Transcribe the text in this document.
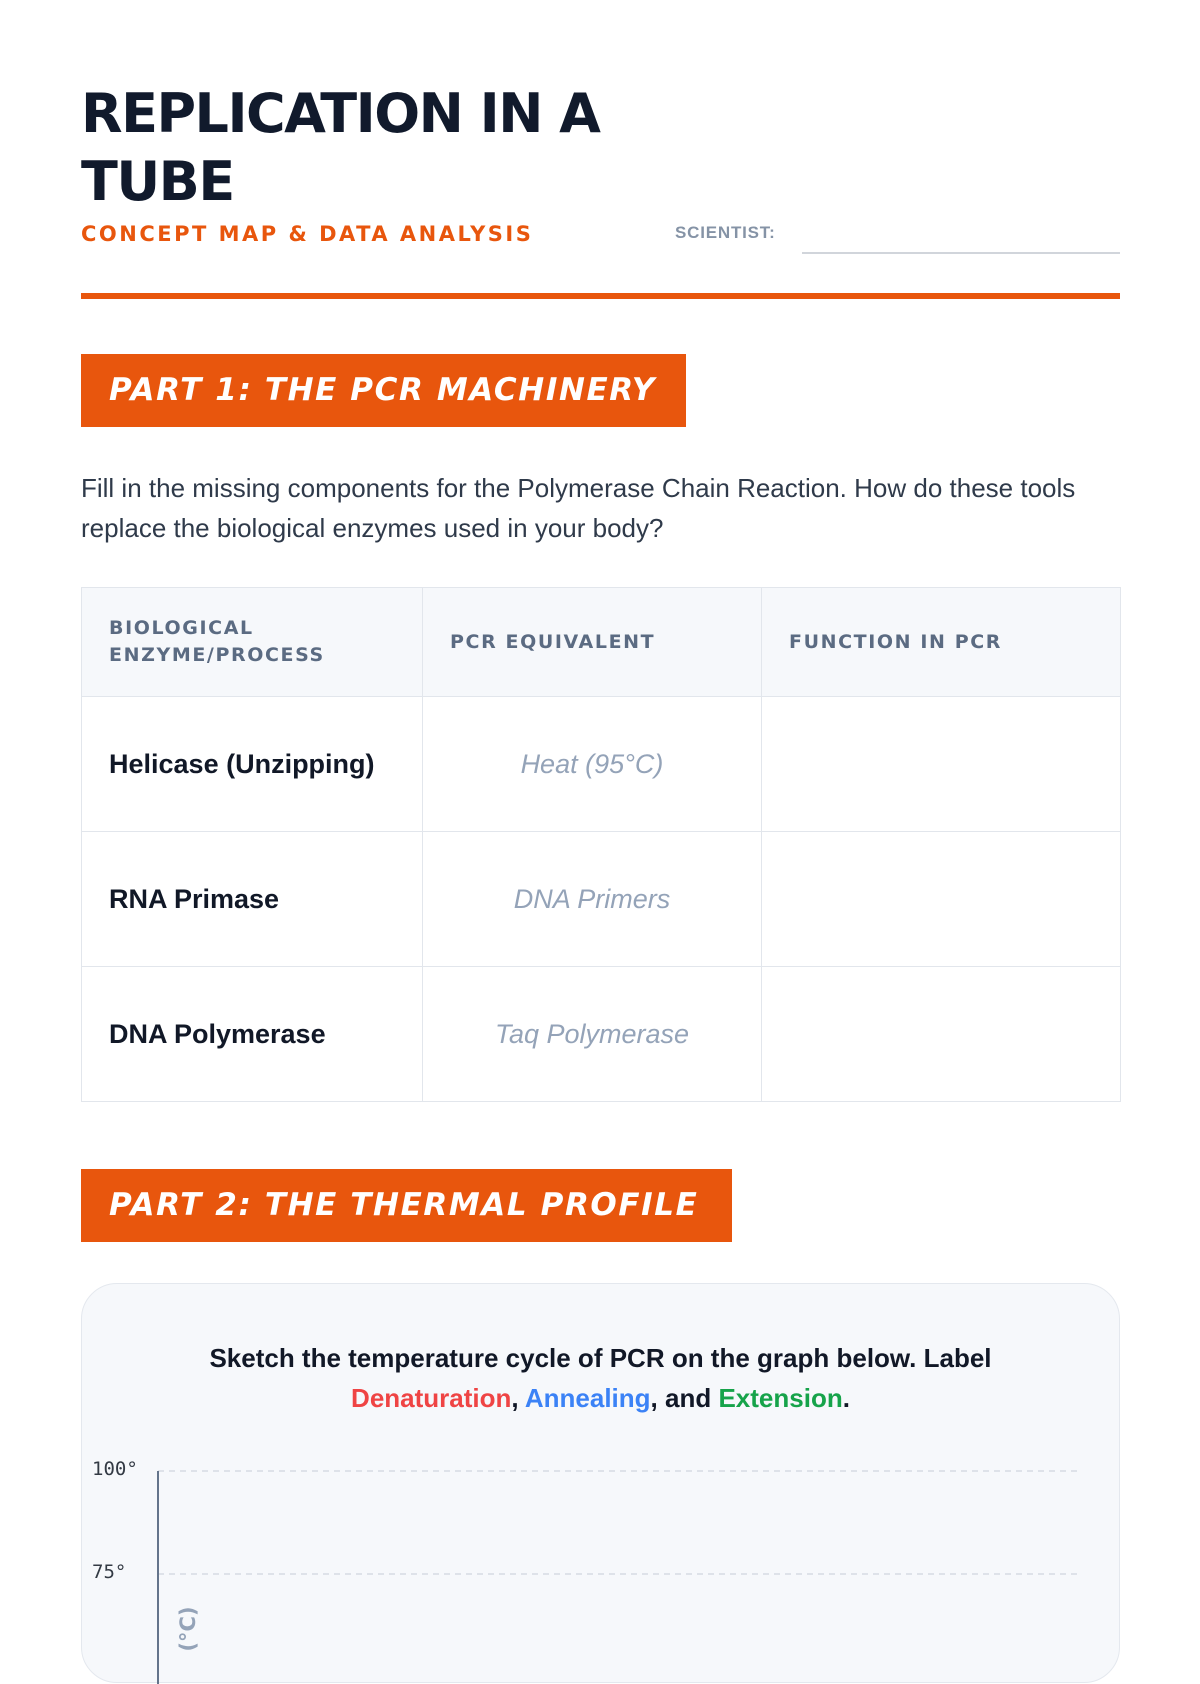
REPLICATION IN A TUBE
CONCEPT MAP & DATA ANALYSIS	SCIENTIST:
PART 1: THE PCR MACHINERY

Fill in the missing components for the Polymerase Chain Reaction. How do these tools replace the biological enzymes used in your body?

BIOLOGICAL ENZYME/PROCESS	PCR EQUIVALENT	FUNCTION IN PCR
Helicase (Unzipping)	Heat (95°C)	
RNA Primase	DNA Primers	
DNA Polymerase	Taq Polymerase	
PART 2: THE THERMAL PROFILE
Sketch the temperature cycle of PCR on the graph below. Label
Denaturation, Annealing, and Extension.
100°
75°
(°C)
